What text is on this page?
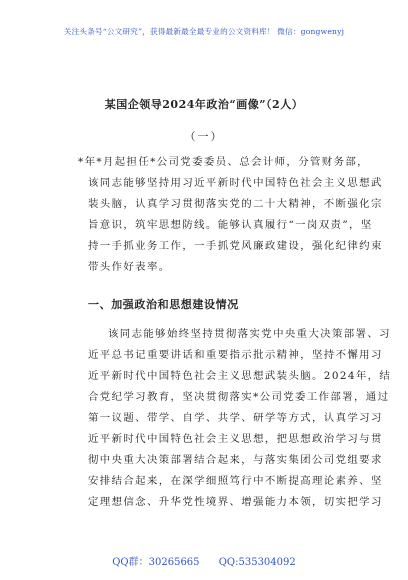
关注头条号“公文研究”，获得最新最全最专业的公文资料库！ 微信：gongwenyj
某国企领导2024年政治“画像”（2人）
（一）
*年*月起担任*公司党委委员、总会计师，分管财务部，
该同志能够坚持用习近平新时代中国特色社会主义思想武
装头脑，认真学习贯彻落实党的二十大精神，不断强化宗
旨意识，筑牢思想防线。能够认真履行“一岗双责”，坚
持一手抓业务工作，一手抓党风廉政建设，强化纪律约束
带头作好表率。
一、加强政治和思想建设情况
该同志能够始终坚持贯彻落实党中央重大决策部署、习
近平总书记重要讲话和重要指示批示精神，坚持不懈用习
近平新时代中国特色社会主义思想武装头脑。2024年，结
合党纪学习教育，坚决贯彻落实*公司党委工作部署，通过
第一议题、带学、自学、共学、研学等方式，认真学习习
近平新时代中国特色社会主义思想，把思想政治学习与贯
彻中央重大决策部署结合起来，与落实集团公司党组要求
安排结合起来，在深学细照笃行中不断提高理论素养、坚
定理想信念、升华党性境界、增强能力本领，切实把学习
QQ群：30265665 QQ:535304092
